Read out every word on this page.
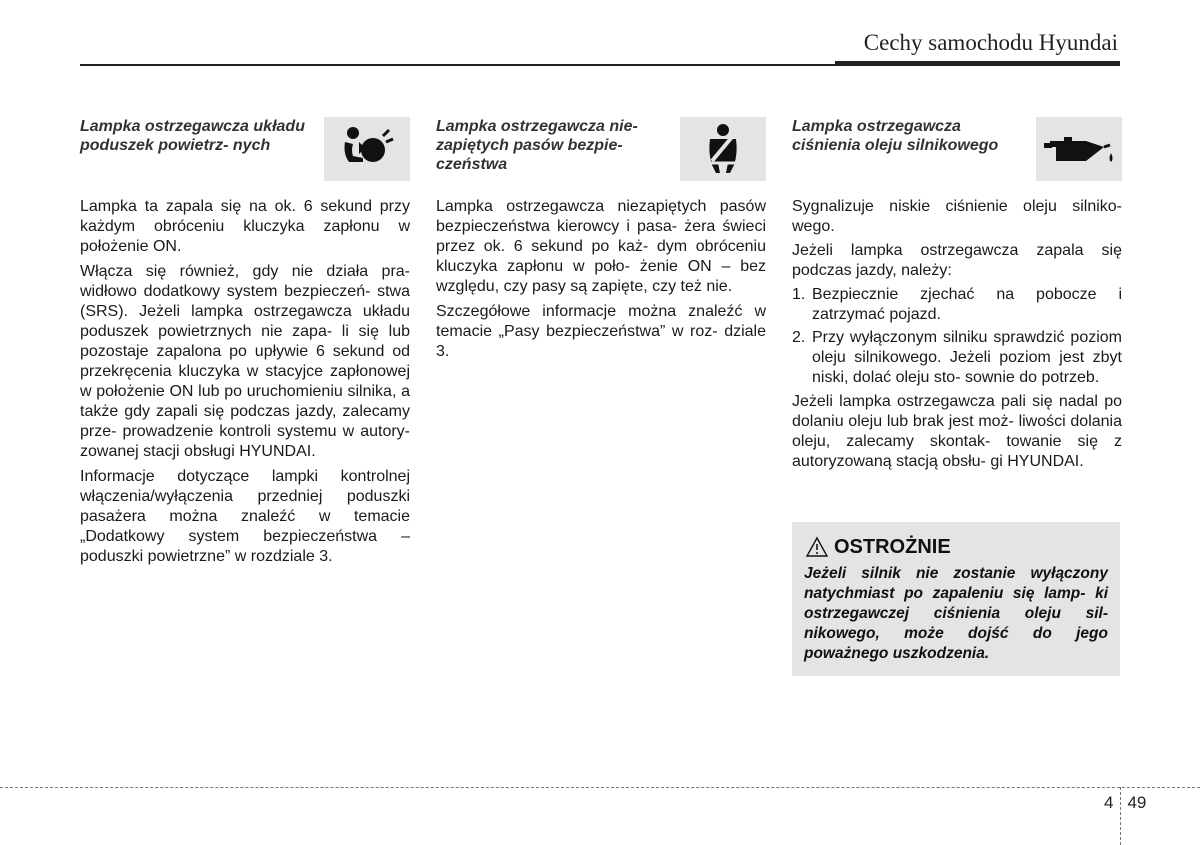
Cechy samochodu Hyundai
Lampka ostrzegawcza układu poduszek powietrz- nych

Lampka ta zapala się na ok. 6 sekund przy każdym obróceniu kluczyka zapłonu w położenie ON.

Włącza się również, gdy nie działa pra- widłowo dodatkowy system bezpieczeń- stwa (SRS). Jeżeli lampka ostrzegawcza układu poduszek powietrznych nie zapa- li się lub pozostaje zapalona po upływie 6 sekund od przekręcenia kluczyka w stacyjce zapłonowej w położenie ON lub po uruchomieniu silnika, a także gdy zapali się podczas jazdy, zalecamy prze- prowadzenie kontroli systemu w autory- zowanej stacji obsługi HYUNDAI.

Informacje dotyczące lampki kontrolnej włączenia/wyłączenia przedniej poduszki pasażera można znaleźć w temacie „Dodatkowy system bezpieczeństwa – poduszki powietrzne” w rozdziale 3.

Lampka ostrzegawcza nie- zapiętych pasów bezpie- czeństwa

Lampka ostrzegawcza niezapiętych pasów bezpieczeństwa kierowcy i pasa- żera świeci przez ok. 6 sekund po każ- dym obróceniu kluczyka zapłonu w poło- żenie ON – bez względu, czy pasy są zapięte, czy też nie.

Szczegółowe informacje można znaleźć w temacie „Pasy bezpieczeństwa” w roz- dziale 3.

Lampka ostrzegawcza ciśnienia oleju silnikowego

Sygnalizuje niskie ciśnienie oleju silniko- wego.

Jeżeli lampka ostrzegawcza zapala się podczas jazdy, należy:

1. Bezpiecznie zjechać na pobocze i zatrzymać pojazd.
2. Przy wyłączonym silniku sprawdzić poziom oleju silnikowego. Jeżeli poziom jest zbyt niski, dolać oleju sto- sownie do potrzeb.

Jeżeli lampka ostrzegawcza pali się nadal po dolaniu oleju lub brak jest moż- liwości dolania oleju, zalecamy skontak- towanie się z autoryzowaną stacją obsłu- gi HYUNDAI.

OSTROŻNIE
Jeżeli silnik nie zostanie wyłączony natychmiast po zapaleniu się lamp- ki ostrzegawczej ciśnienia oleju sil- nikowego, może dojść do jego poważnego uszkodzenia.
4 49
